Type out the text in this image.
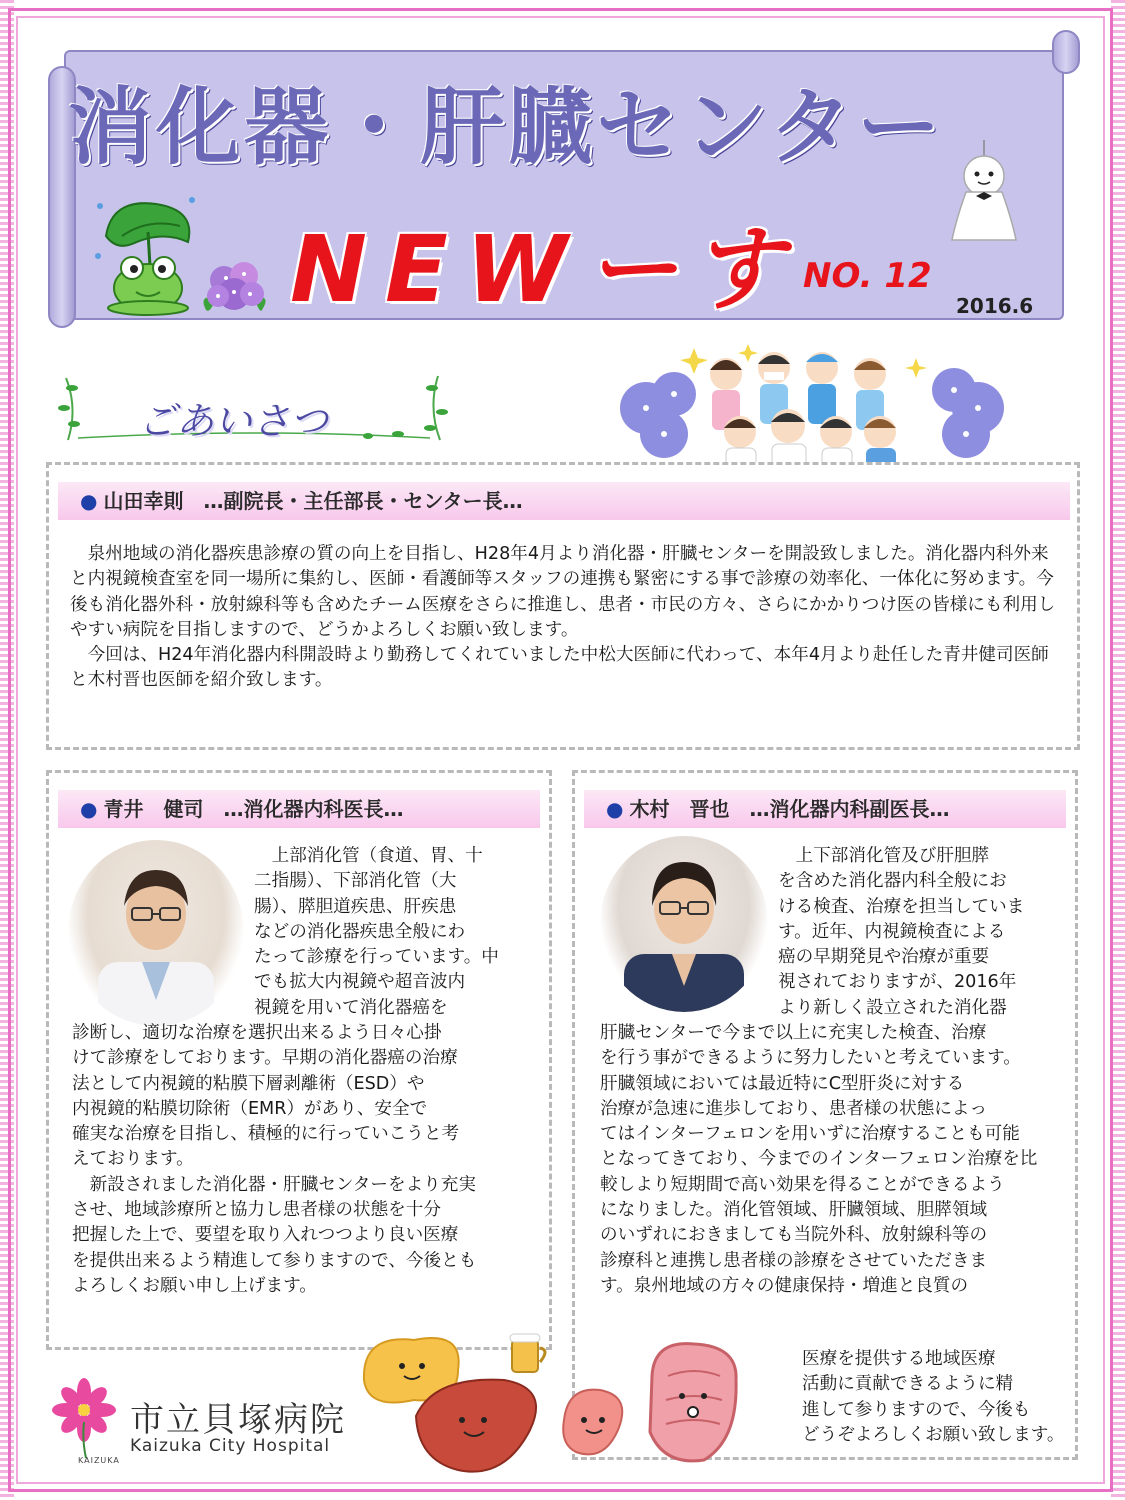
消化器・肝臓センター
NEWーす NO. 12
2016.6
ごあいさつ
● 山田幸則　…副院長・主任部長・センター長…

泉州地域の消化器疾患診療の質の向上を目指し、H28年4月より消化器・肝臓センターを開設致しました。消化器内科外来と内視鏡検査室を同一場所に集約し、医師・看護師等スタッフの連携も緊密にする事で診療の効率化、一体化に努めます。今後も消化器外科・放射線科等も含めたチーム医療をさらに推進し、患者・市民の方々、さらにかかりつけ医の皆様にも利用しやすい病院を目指しますので、どうかよろしくお願い致します。

今回は、H24年消化器内科開設時より勤務してくれていました中松大医師に代わって、本年4月より赴任した青井健司医師と木村晋也医師を紹介致します。

● 青井　健司　…消化器内科医長…
上部消化管（食道、胃、十
二指腸）、下部消化管（大
腸）、膵胆道疾患、肝疾患
などの消化器疾患全般にわ
たって診療を行っています。中
でも拡大内視鏡や超音波内
視鏡を用いて消化器癌を
診断し、適切な治療を選択出来るよう日々心掛
けて診療をしております。早期の消化器癌の治療
法として内視鏡的粘膜下層剥離術（ESD）や
内視鏡的粘膜切除術（EMR）があり、安全で
確実な治療を目指し、積極的に行っていこうと考
えております。
　新設されました消化器・肝臓センターをより充実
させ、地域診療所と協力し患者様の状態を十分
把握した上で、要望を取り入れつつより良い医療
を提供出来るよう精進して参りますので、今後とも
よろしくお願い申し上げます。
● 木村　晋也　…消化器内科副医長…
上下部消化管及び肝胆膵
を含めた消化器内科全般にお
ける検査、治療を担当していま
す。近年、内視鏡検査による
癌の早期発見や治療が重要
視されておりますが、2016年
より新しく設立された消化器
肝臓センターで今まで以上に充実した検査、治療
を行う事ができるように努力したいと考えています。
肝臓領域においては最近特にC型肝炎に対する
治療が急速に進歩しており、患者様の状態によっ
てはインターフェロンを用いずに治療することも可能
となってきており、今までのインターフェロン治療を比
較しより短期間で高い効果を得ることができるよう
になりました。消化管領域、肝臓領域、胆膵領域
のいずれにおきましても当院外科、放射線科等の
診療科と連携し患者様の診療をさせていただきま
す。泉州地域の方々の健康保持・増進と良質の
医療を提供する地域医療
活動に貢献できるように精
進して参りますので、今後も
どうぞよろしくお願い致します。
KAIZUKA
市立貝塚病院
Kaizuka City Hospital
